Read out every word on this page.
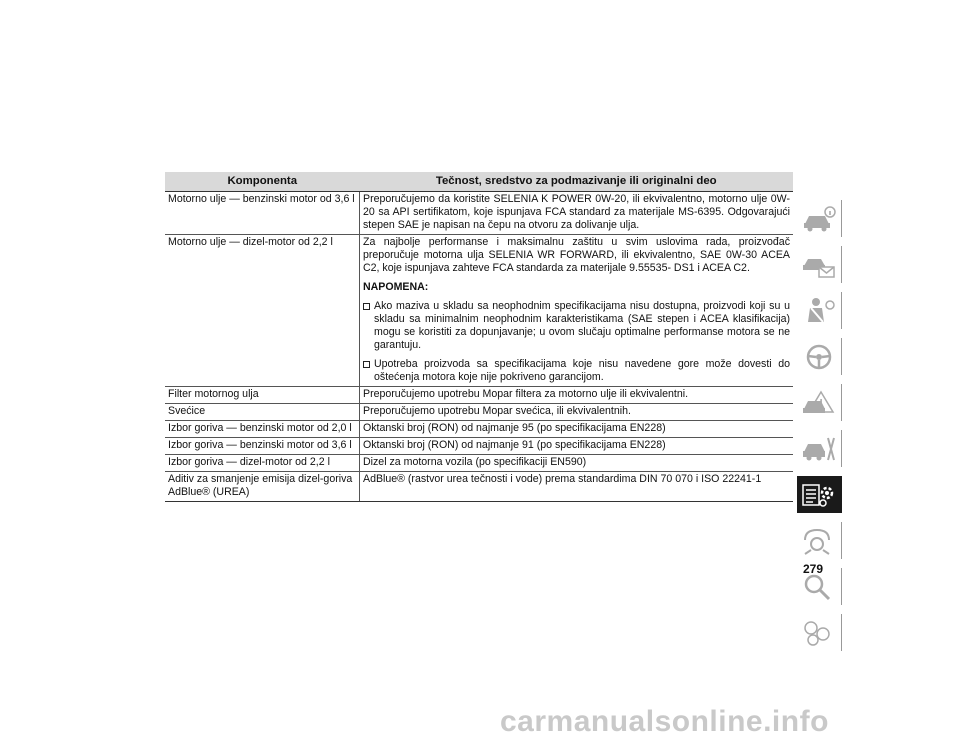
Komponenta	Tečnost, sredstvo za podmazivanje ili originalni deo
Motorno ulje — benzinski motor od 3,6 l	Preporučujemo da koristite SELENIA K POWER 0W-20, ili ekvivalentno, motorno ulje 0W-20 sa API sertifikatom, koje ispunjava FCA standard za materijale MS-6395. Odgovarajući stepen SAE je napisan na čepu na otvoru za dolivanje ulja.
Motorno ulje — dizel-motor od 2,2 l	Za najbolje performanse i maksimalnu zaštitu u svim uslovima rada, proizvođač preporučuje motorna ulja SELENIA WR FORWARD, ili ekvivalentno, SAE 0W-30 ACEA C2, koje ispunjava zahteve FCA standarda za materijale 9.55535- DS1 i ACEA C2.
NAPOMENA:
Ako maziva u skladu sa neophodnim specifikacijama nisu dostupna, proizvodi koji su u skladu sa minimalnim neophodnim karakteristikama (SAE stepen i ACEA klasifikacija) mogu se koristiti za dopunjavanje; u ovom slučaju optimalne performanse motora se ne garantuju.
Upotreba proizvoda sa specifikacijama koje nisu navedene gore može dovesti do oštećenja motora koje nije pokriveno garancijom.

Filter motornog ulja	Preporučujemo upotrebu Mopar filtera za motorno ulje ili ekvivalentni.
Svećice	Preporučujemo upotrebu Mopar svećica, ili ekvivalentnih.
Izbor goriva — benzinski motor od 2,0 l	Oktanski broj (RON) od najmanje 95 (po specifikacijama EN228)
Izbor goriva — benzinski motor od 3,6 l	Oktanski broj (RON) od najmanje 91 (po specifikacijama EN228)
Izbor goriva — dizel-motor od 2,2 l	Dizel za motorna vozila (po specifikaciji EN590)
Aditiv za smanjenje emisija dizel-goriva AdBlue® (UREA)	AdBlue® (rastvor urea tečnosti i vode) prema standardima DIN 70 070 i ISO 22241-1
279
carmanualsonline.info
